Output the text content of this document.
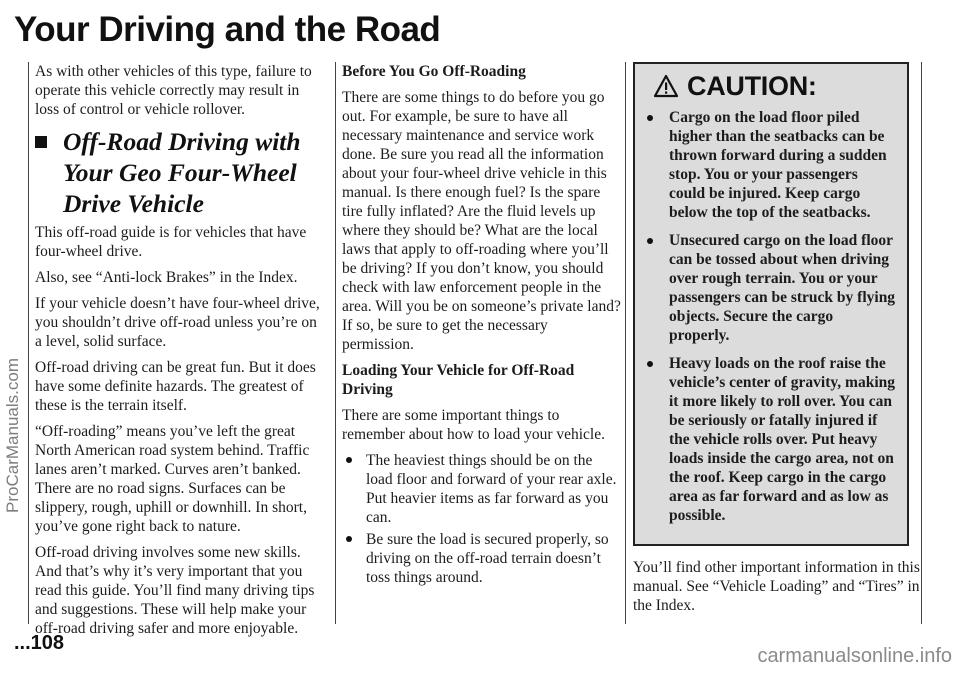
Your Driving and the Road

As with other vehicles of this type, failure to operate this vehicle correctly may result in loss of control or vehicle rollover.

Off-Road Driving with Your Geo Four-Wheel Drive Vehicle

This off-road guide is for vehicles that have four-wheel drive.

Also, see “Anti-lock Brakes” in the Index.

If your vehicle doesn’t have four-wheel drive, you shouldn’t drive off-road unless you’re on a level, solid surface.

Off-road driving can be great fun. But it does have some definite hazards. The greatest of these is the terrain itself.

“Off-roading” means you’ve left the great North American road system behind. Traffic lanes aren’t marked. Curves aren’t banked. There are no road signs. Surfaces can be slippery, rough, uphill or downhill. In short, you’ve gone right back to nature.

Off-road driving involves some new skills. And that’s why it’s very important that you read this guide. You’ll find many driving tips and suggestions. These will help make your off-road driving safer and more enjoyable.

Before You Go Off-Roading

There are some things to do before you go out. For example, be sure to have all necessary maintenance and service work done. Be sure you read all the information about your four-wheel drive vehicle in this manual. Is there enough fuel? Is the spare tire fully inflated? Are the fluid levels up where they should be? What are the local laws that apply to off-roading where you’ll be driving? If you don’t know, you should check with law enforcement people in the area. Will you be on someone’s private land? If so, be sure to get the necessary permission.

Loading Your Vehicle for Off-Road Driving

There are some important things to remember about how to load your vehicle.

The heaviest things should be on the load floor and forward of your rear axle. Put heavier items as far forward as you can.
Be sure the load is secured properly, so driving on the off-road terrain doesn’t toss things around.
CAUTION:
Cargo on the load floor piled higher than the seatbacks can be thrown forward during a sudden stop. You or your passengers could be injured. Keep cargo below the top of the seatbacks.
Unsecured cargo on the load floor can be tossed about when driving over rough terrain. You or your passengers can be struck by flying objects. Secure the cargo properly.
Heavy loads on the roof raise the vehicle’s center of gravity, making it more likely to roll over. You can be seriously or fatally injured if the vehicle rolls over. Put heavy loads inside the cargo area, not on the roof. Keep cargo in the cargo area as far forward and as low as possible.

You’ll find other important information in this manual. See “Vehicle Loading” and “Tires” in the Index.

...108
ProCarManuals.com
carmanualsonline.info
